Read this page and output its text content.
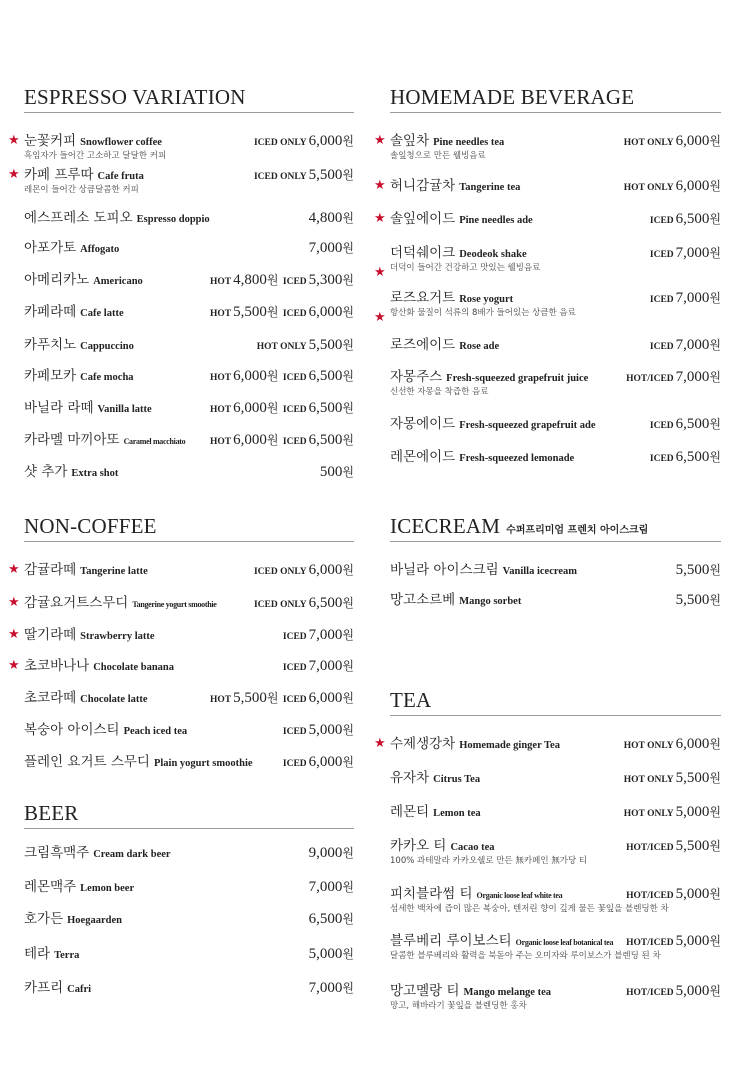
ESPRESSO VARIATION
★ 눈꽃커피 Snowflower coffee	ICED ONLY 6,000원
흑임자가 들어간 고소하고 달달한 커피
★ 카페 프루따 Cafe fruta	ICED ONLY 5,500원
레몬이 들어간 상큼달콤한 커피
에스프레소 도피오 Espresso doppio	4,800원
아포가토 Affogato	7,000원
아메리카노 Americano	HOT 4,800원 ICED 5,300원
카페라떼 Cafe latte	HOT 5,500원 ICED 6,000원
카푸치노 Cappuccino	HOT ONLY 5,500원
카페모카 Cafe mocha	HOT 6,000원 ICED 6,500원
바닐라 라떼 Vanilla latte	HOT 6,000원 ICED 6,500원
카라멜 마끼아또 Caramel macchiato	HOT 6,000원 ICED 6,500원
샷 추가 Extra shot	500원
HOMEMADE BEVERAGE
★ 솔잎차 Pine needles tea	HOT ONLY 6,000원
솔잎청으로 만든 웰빙음료
★ 허니감귤차 Tangerine tea	HOT ONLY 6,000원
★ 솔잎에이드 Pine needles ade	ICED 6,500원
★
더덕쉐이크 Deodeok shake	ICED 7,000원
더덕이 들어간 건강하고 맛있는 웰빙음료
★
로즈요거트 Rose yogurt	ICED 7,000원
항산화 물질이 석류의 8배가 들어있는 상큼한 음료
로즈에이드 Rose ade	ICED 7,000원
자몽주스 Fresh-squeezed grapefruit juice	HOT/ICED 7,000원
신선한 자몽을 착즙한 음료
자몽에이드 Fresh-squeezed grapefruit ade	ICED 6,500원
레몬에이드 Fresh-squeezed lemonade	ICED 6,500원
NON-COFFEE
★ 감귤라떼 Tangerine latte	ICED ONLY 6,000원
★ 감귤요거트스무디 Tangerine yogurt smoothie	ICED ONLY 6,500원
★ 딸기라떼 Strawberry latte	ICED 7,000원
★ 초코바나나 Chocolate banana	ICED 7,000원
초코라떼 Chocolate latte	HOT 5,500원 ICED 6,000원
복숭아 아이스티 Peach iced tea	ICED 5,000원
플레인 요거트 스무디 Plain yogurt smoothie	ICED 6,000원
ICECREAM 수퍼프리미엄 프렌치 아이스크림
바닐라 아이스크림 Vanilla icecream	5,500원
망고소르베 Mango sorbet	5,500원
BEER
크림흑맥주 Cream dark beer	9,000원
레몬맥주 Lemon beer	7,000원
호가든 Hoegaarden	6,500원
테라 Terra	5,000원
카프리 Cafri	7,000원
TEA
★ 수제생강차 Homemade ginger Tea	HOT ONLY 6,000원
유자차 Citrus Tea	HOT ONLY 5,500원
레몬티 Lemon tea	HOT ONLY 5,000원
카카오 티 Cacao tea	HOT/ICED 5,500원
100% 과테말라 카카오쉘로 만든 無카페인 無가당 티
피치블라썸 티 Organic loose leaf white tea	HOT/ICED 5,000원
섬세한 백차에 즙이 많은 복숭아, 텐저린 향이 깊게 물든 꽃잎을 블렌딩한 차
블루베리 루이보스티 Organic loose leaf botanical tea HOT/ICED 5,000원
달콤한 블루베리와 활력을 북돋아 주는 오미자와 루이보스가 블렌딩 된 차
망고멜랑 티 Mango melange tea	HOT/ICED 5,000원
망고, 해바라기 꽃잎을 블렌딩한 홍차
